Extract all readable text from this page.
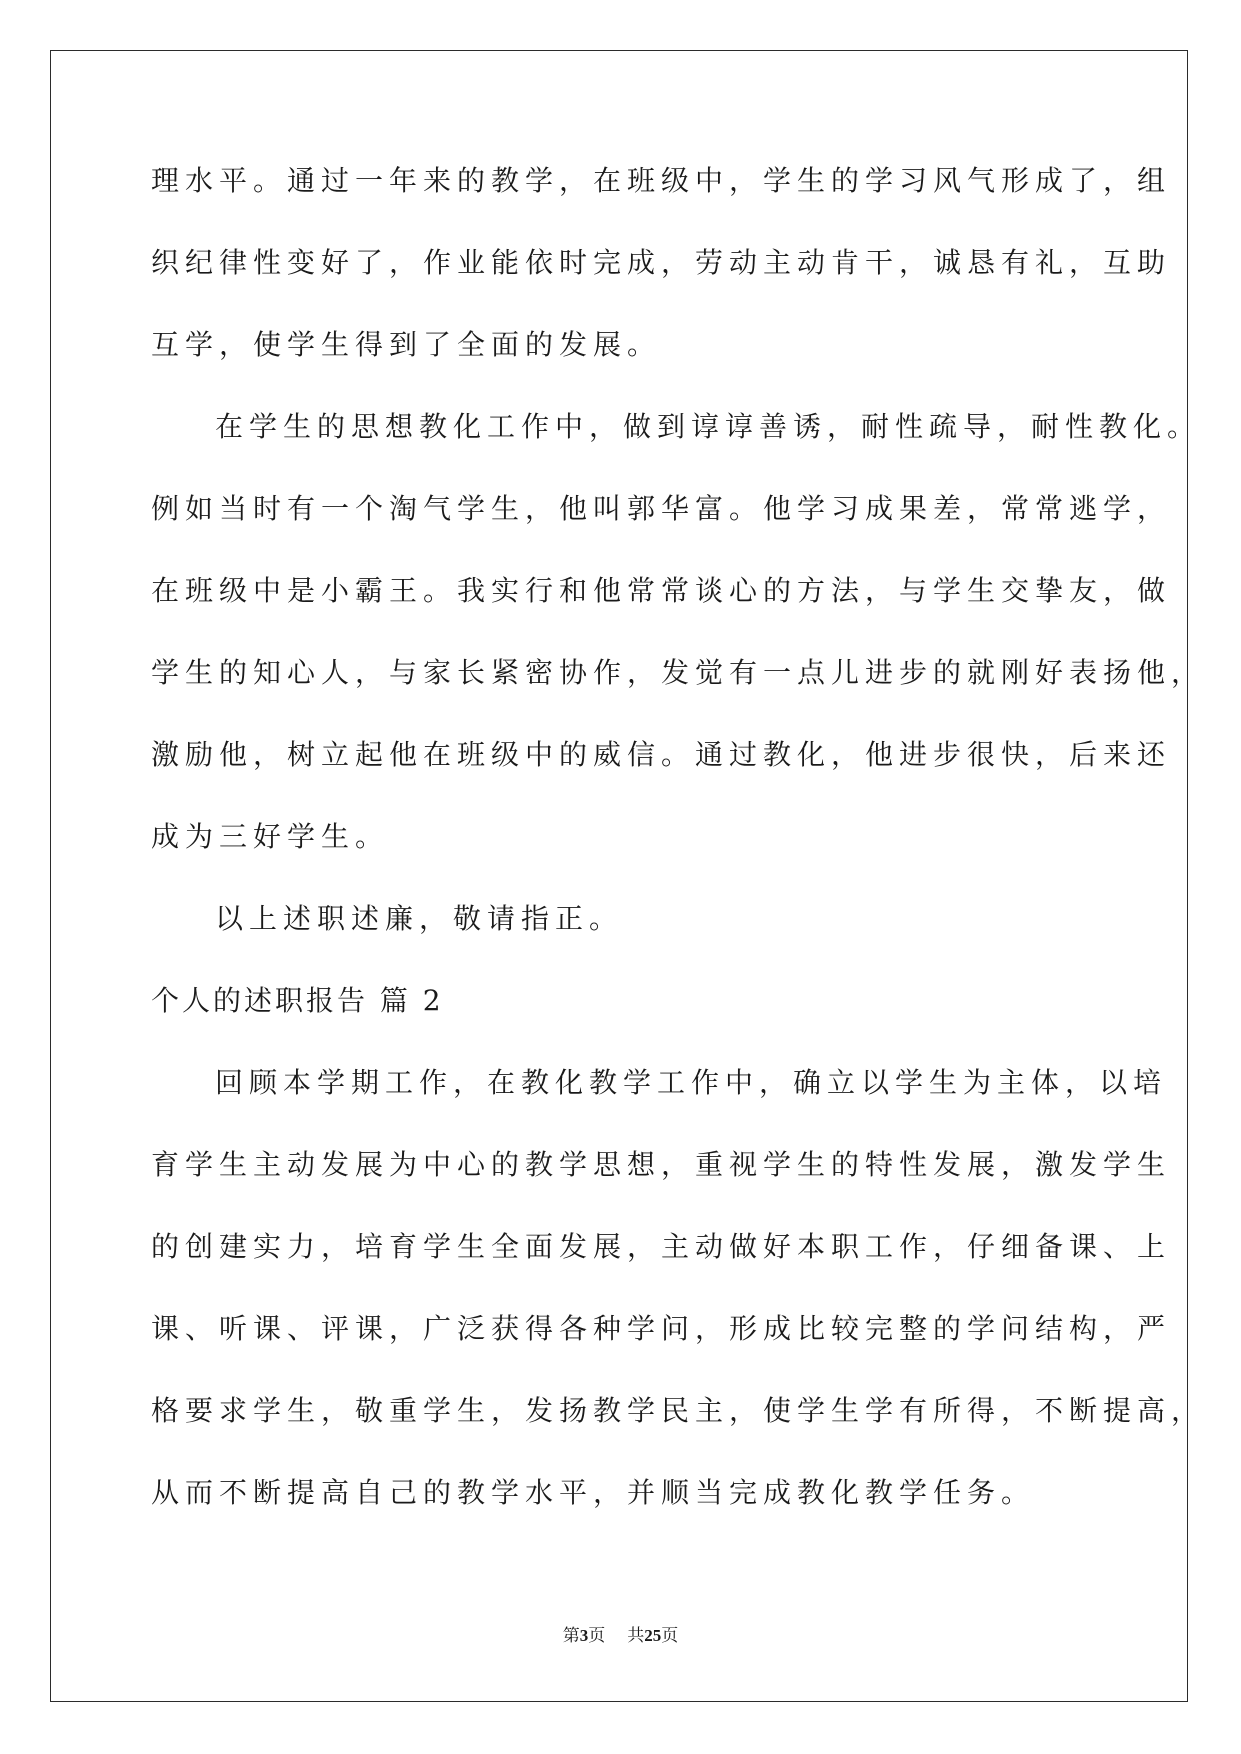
理水平。通过一年来的教学，在班级中，学生的学习风气形成了，组
织纪律性变好了，作业能依时完成，劳动主动肯干，诚恳有礼，互助
互学，使学生得到了全面的发展。
在学生的思想教化工作中，做到谆谆善诱，耐性疏导，耐性教化。
例如当时有一个淘气学生，他叫郭华富。他学习成果差，常常逃学，
在班级中是小霸王。我实行和他常常谈心的方法，与学生交挚友，做
学生的知心人，与家长紧密协作，发觉有一点儿进步的就刚好表扬他，
激励他，树立起他在班级中的威信。通过教化，他进步很快，后来还
成为三好学生。
以上述职述廉，敬请指正。
个人的述职报告 篇 2
回顾本学期工作，在教化教学工作中，确立以学生为主体，以培
育学生主动发展为中心的教学思想，重视学生的特性发展，激发学生
的创建实力，培育学生全面发展，主动做好本职工作，仔细备课、上
课、听课、评课，广泛获得各种学问，形成比较完整的学问结构，严
格要求学生，敬重学生，发扬教学民主，使学生学有所得，不断提高，
从而不断提高自己的教学水平，并顺当完成教化教学任务。
第3页 共25页
